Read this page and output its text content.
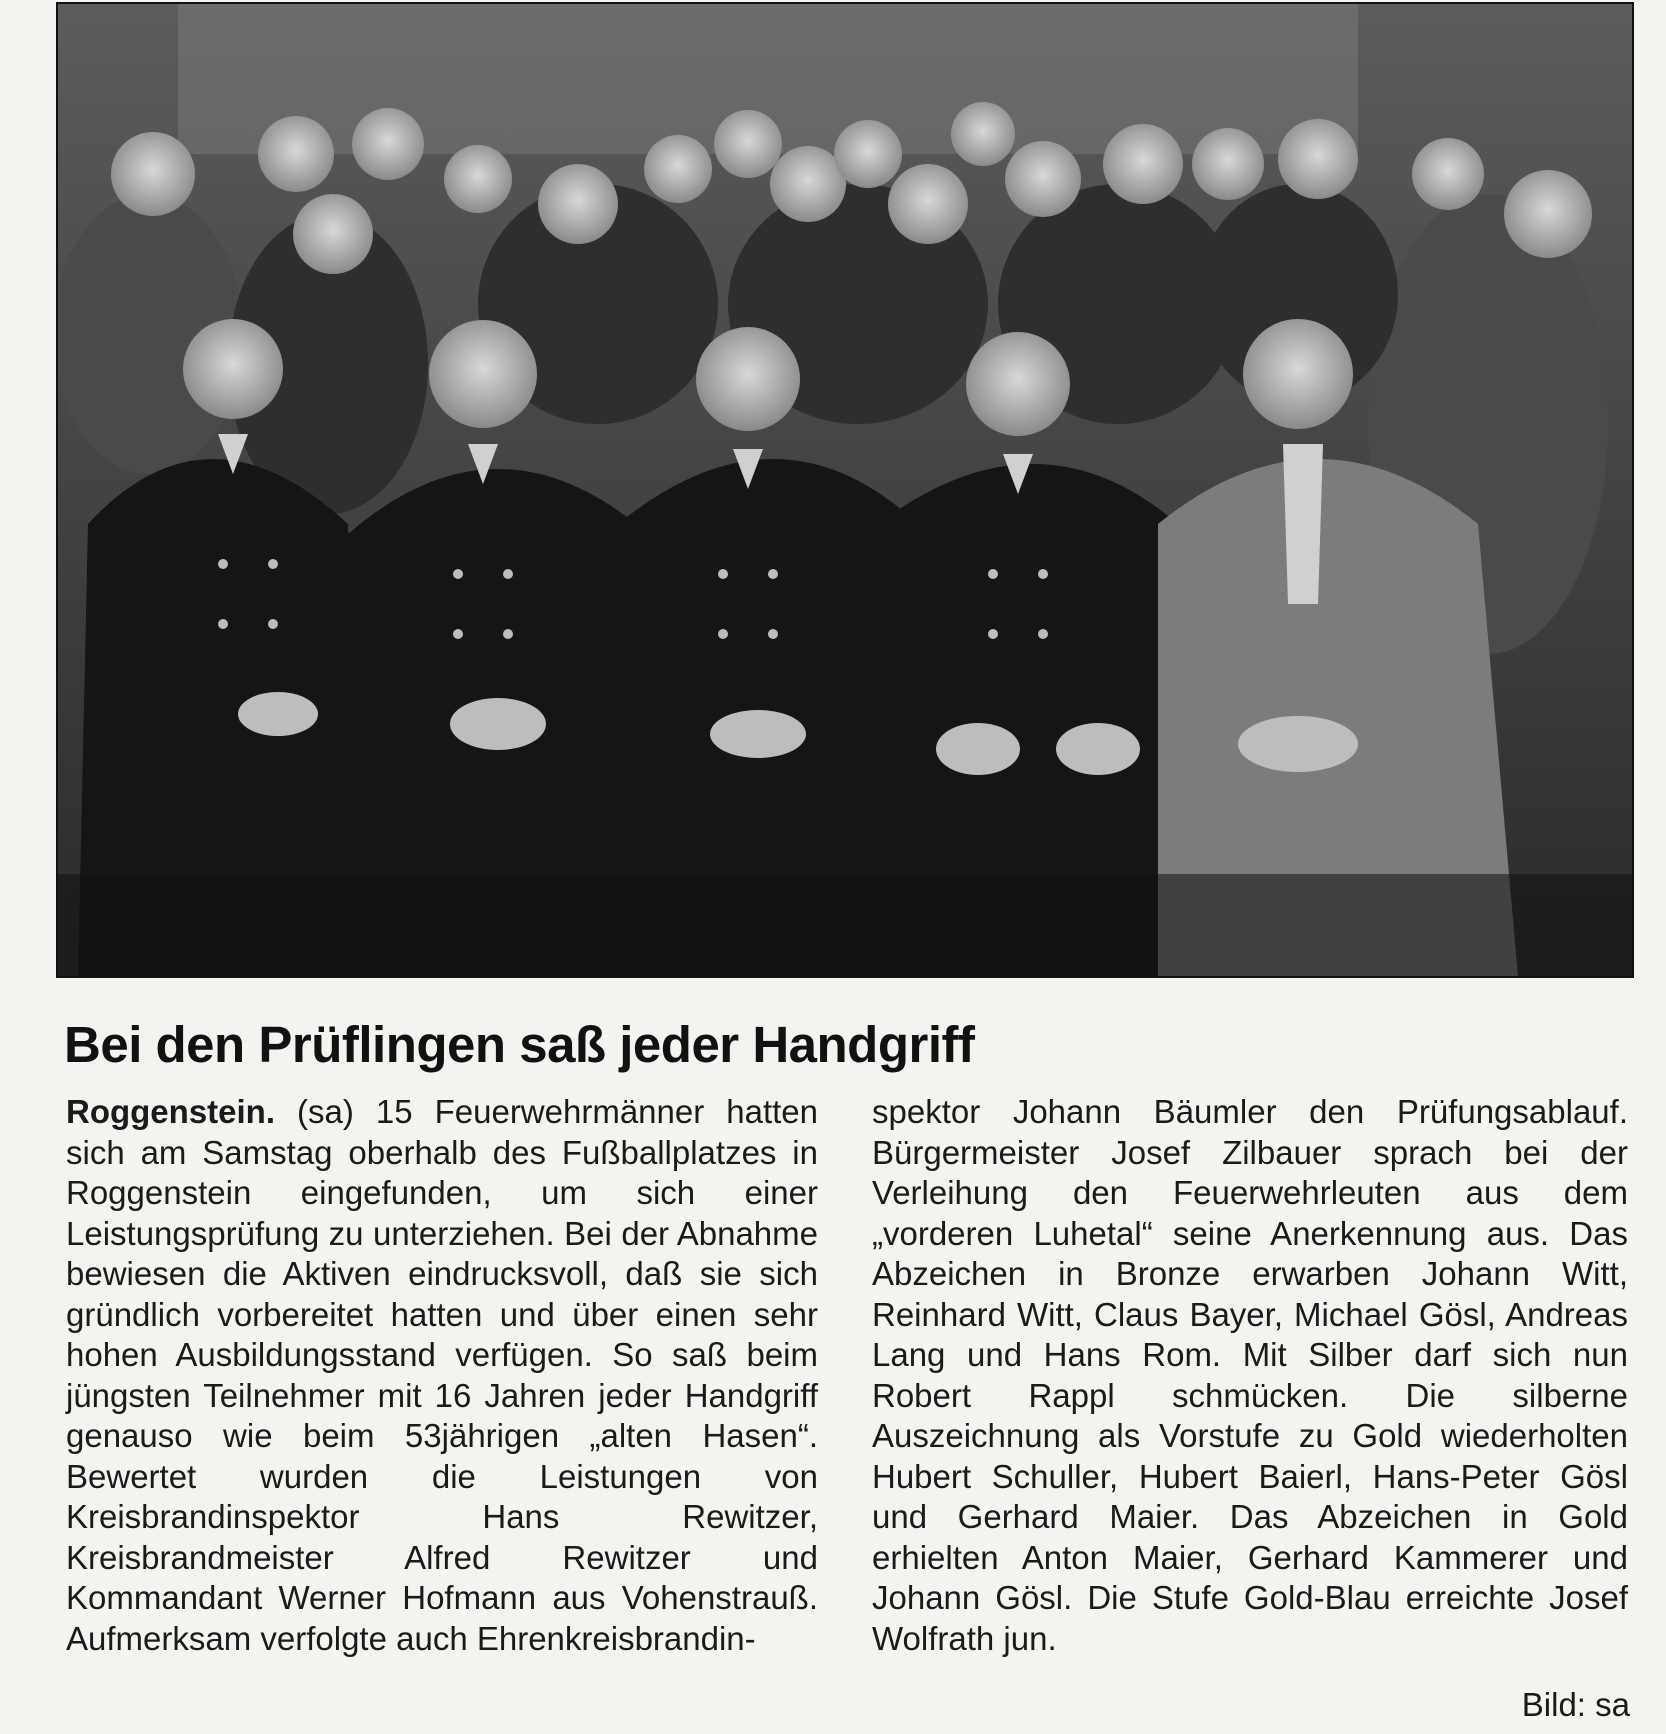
Bei den Prüflingen saß jeder Handgriff

Roggenstein. (sa) 15 Feuerwehrmänner hatten sich am Samstag oberhalb des Fußballplatzes in Roggenstein eingefunden, um sich einer Leistungsprüfung zu unterziehen. Bei der Abnahme bewiesen die Aktiven eindrucksvoll, daß sie sich gründlich vorbereitet hatten und über einen sehr hohen Ausbildungsstand verfügen. So saß beim jüngsten Teilnehmer mit 16 Jahren jeder Handgriff genauso wie beim 53jährigen „alten Hasen“. Bewertet wurden die Leistungen von Kreisbrandinspektor Hans Rewitzer, Kreisbrandmeister Alfred Rewitzer und Kommandant Werner Hofmann aus Vohenstrauß. Aufmerksam verfolgte auch Ehrenkreisbrandin-

spektor Johann Bäumler den Prüfungsablauf. Bürgermeister Josef Zilbauer sprach bei der Verleihung den Feuerwehrleuten aus dem „vorderen Luhetal“ seine Anerkennung aus. Das Abzeichen in Bronze erwarben Johann Witt, Reinhard Witt, Claus Bayer, Michael Gösl, Andreas Lang und Hans Rom. Mit Silber darf sich nun Robert Rappl schmücken. Die silberne Auszeichnung als Vorstufe zu Gold wiederholten Hubert Schuller, Hubert Baierl, Hans-Peter Gösl und Gerhard Maier. Das Abzeichen in Gold erhielten Anton Maier, Gerhard Kammerer und Johann Gösl. Die Stufe Gold-Blau erreichte Josef Wolfrath jun.

Bild: sa
